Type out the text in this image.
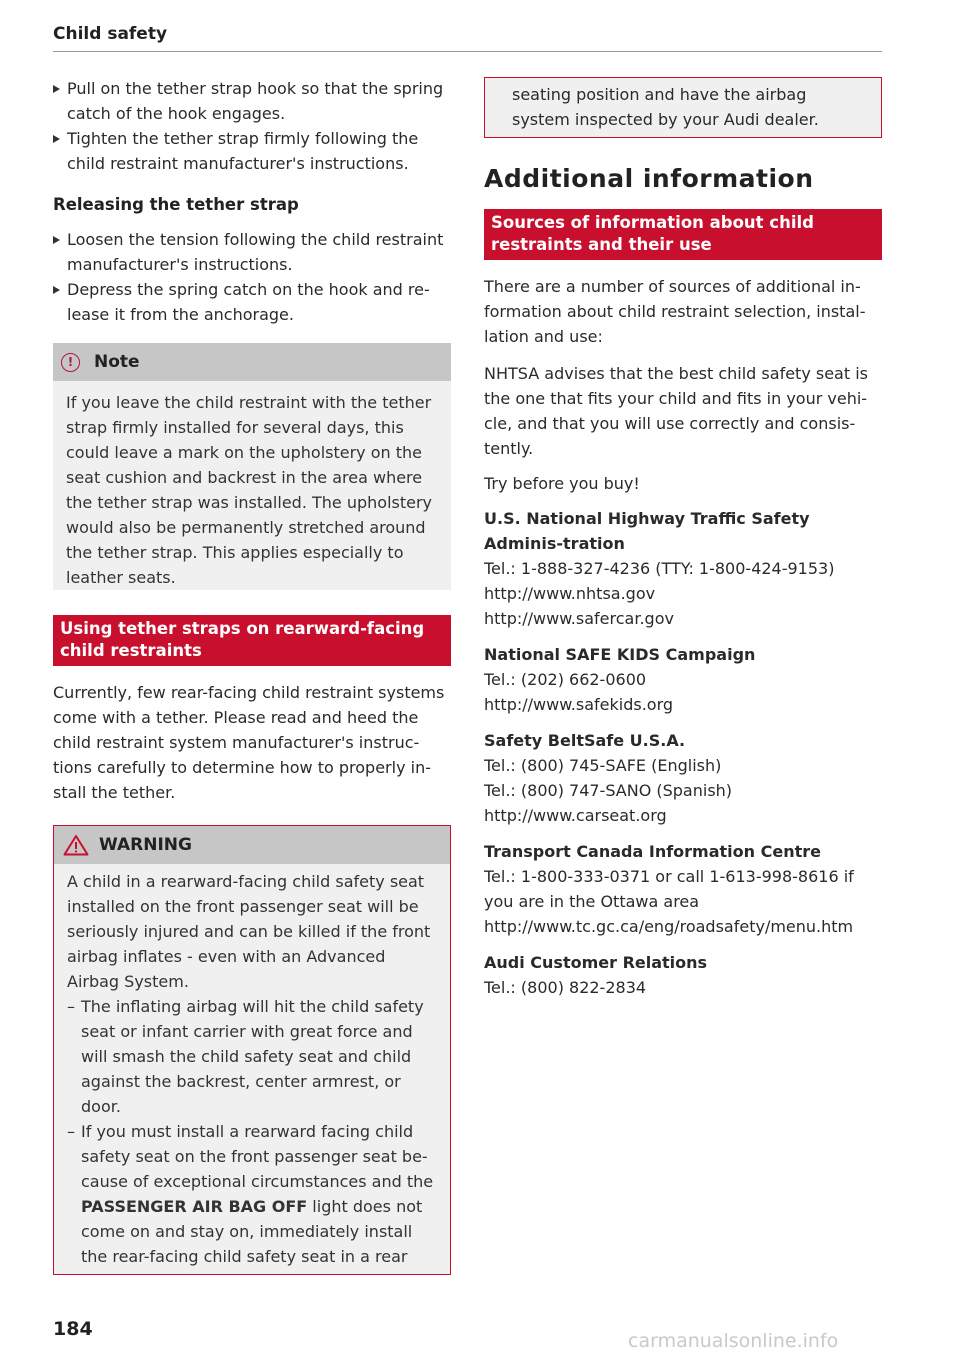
Child safety

Pull on the tether strap hook so that the spring catch of the hook engages.

Tighten the tether strap firmly following the child restraint manufacturer's instructions.

Releasing the tether strap

Loosen the tension following the child restraint manufacturer's instructions.

Depress the spring catch on the hook and re-lease it from the anchorage.

!	Note
If you leave the child restraint with the tether strap firmly installed for several days, this could leave a mark on the upholstery on the seat cushion and backrest in the area where the tether strap was installed. The upholstery would also be permanently stretched around the tether strap. This applies especially to leather seats.
Using tether straps on rearward-facing child restraints

Currently, few rear-facing child restraint systems come with a tether. Please read and heed the child restraint system manufacturer's instruc-tions carefully to determine how to properly in-stall the tether.

WARNING

A child in a rearward-facing child safety seat installed on the front passenger seat will be seriously injured and can be killed if the front airbag inflates - even with an Advanced Airbag System.

– The inflating airbag will hit the child safety seat or infant carrier with great force and will smash the child safety seat and child against the backrest, center armrest, or door.

– If you must install a rearward facing child safety seat on the front passenger seat be-cause of exceptional circumstances and the PASSENGER AIR BAG OFF light does not come on and stay on, immediately install the rear-facing child safety seat in a rear

seating position and have the airbag system inspected by your Audi dealer.
Additional information
Sources of information about child restraints and their use

There are a number of sources of additional in-formation about child restraint selection, instal-lation and use:

NHTSA advises that the best child safety seat is the one that fits your child and fits in your vehi-cle, and that you will use correctly and consis-tently.

Try before you buy!

U.S. National Highway Traffic Safety Adminis-tration

Tel.: 1-888-327-4236 (TTY: 1-800-424-9153)

http://www.nhtsa.gov

http://www.safercar.gov

National SAFE KIDS Campaign

Tel.: (202) 662-0600

http://www.safekids.org

Safety BeltSafe U.S.A.

Tel.: (800) 745-SAFE (English)

Tel.: (800) 747-SANO (Spanish)

http://www.carseat.org

Transport Canada Information Centre

Tel.: 1-800-333-0371 or call 1-613-998-8616 if you are in the Ottawa area

http://www.tc.gc.ca/eng/roadsafety/menu.htm

Audi Customer Relations

Tel.: (800) 822-2834

184
carmanualsonline.info
